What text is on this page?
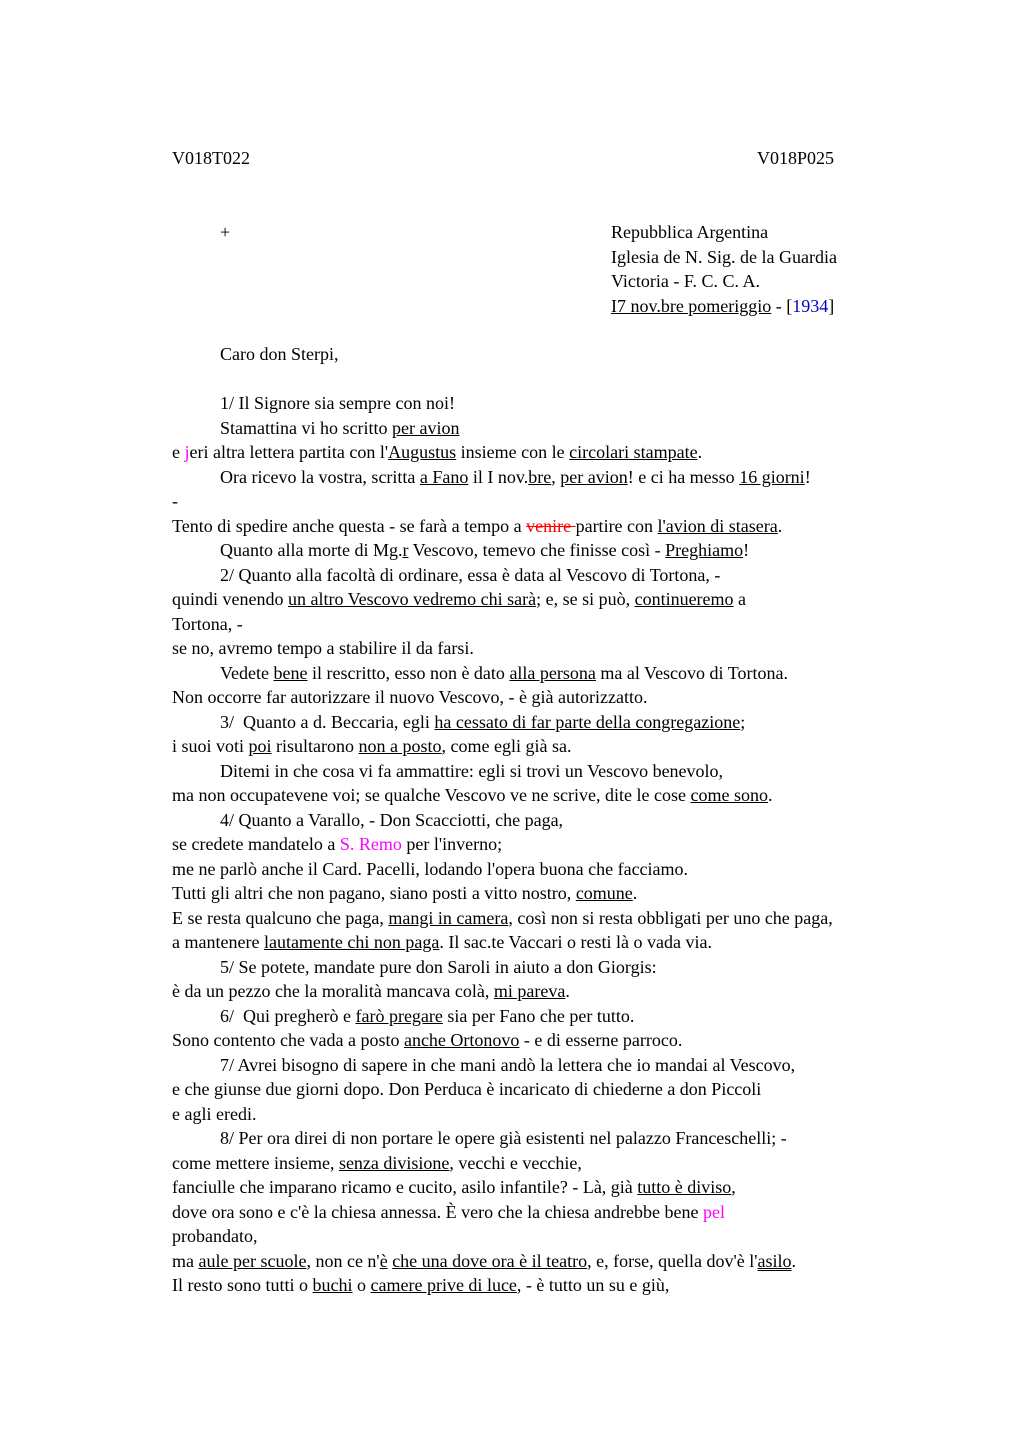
V018T022	V018P025
+	Repubblica Argentina
Iglesia de N. Sig. de la Guardia
Victoria - F. C. C. A.
I7 nov.bre pomeriggio - [1934]
Caro don Sterpi,
1/ Il Signore sia sempre con noi!
Stamattina vi ho scritto per avion
e jeri altra lettera partita con l'Augustus insieme con le circolari stampate.
Ora ricevo la vostra, scritta a Fano il I nov.bre, per avion! e ci ha messo 16 giorni!
-
Tento di spedire anche questa - se farà a tempo a venire partire con l'avion di stasera.
Quanto alla morte di Mg.r Vescovo, temevo che finisse così - Preghiamo!
2/ Quanto alla facoltà di ordinare, essa è data al Vescovo di Tortona, -
quindi venendo un altro Vescovo vedremo chi sarà; e, se si può, continueremo a
Tortona, -
se no, avremo tempo a stabilire il da farsi.
Vedete bene il rescritto, esso non è dato alla persona ma al Vescovo di Tortona.
Non occorre far autorizzare il nuovo Vescovo, - è già autorizzatto.
3/  Quanto a d. Beccaria, egli ha cessato di far parte della congregazione;
i suoi voti poi risultarono non a posto, come egli già sa.
Ditemi in che cosa vi fa ammattire: egli si trovi un Vescovo benevolo,
ma non occupatevene voi; se qualche Vescovo ve ne scrive, dite le cose come sono.
4/ Quanto a Varallo, - Don Scacciotti, che paga,
se credete mandatelo a S. Remo per l'inverno;
me ne parlò anche il Card. Pacelli, lodando l'opera buona che facciamo.
Tutti gli altri che non pagano, siano posti a vitto nostro, comune.
E se resta qualcuno che paga, mangi in camera, così non si resta obbligati per uno che paga,
a mantenere lautamente chi non paga. Il sac.te Vaccari o resti là o vada via.
5/ Se potete, mandate pure don Saroli in aiuto a don Giorgis:
è da un pezzo che la moralità mancava colà, mi pareva.
6/  Qui pregherò e farò pregare sia per Fano che per tutto.
Sono contento che vada a posto anche Ortonovo - e di esserne parroco.
7/ Avrei bisogno di sapere in che mani andò la lettera che io mandai al Vescovo,
e che giunse due giorni dopo. Don Perduca è incaricato di chiederne a don Piccoli
e agli eredi.
8/ Per ora direi di non portare le opere già esistenti nel palazzo Franceschelli; -
come mettere insieme, senza divisione, vecchi e vecchie,
fanciulle che imparano ricamo e cucito, asilo infantile? - Là, già tutto è diviso,
dove ora sono e c'è la chiesa annessa. È vero che la chiesa andrebbe bene pel
probandato,
ma aule per scuole, non ce n'è che una dove ora è il teatro, e, forse, quella dov'è l'asilo.
Il resto sono tutti o buchi o camere prive di luce, - è tutto un su e giù,
